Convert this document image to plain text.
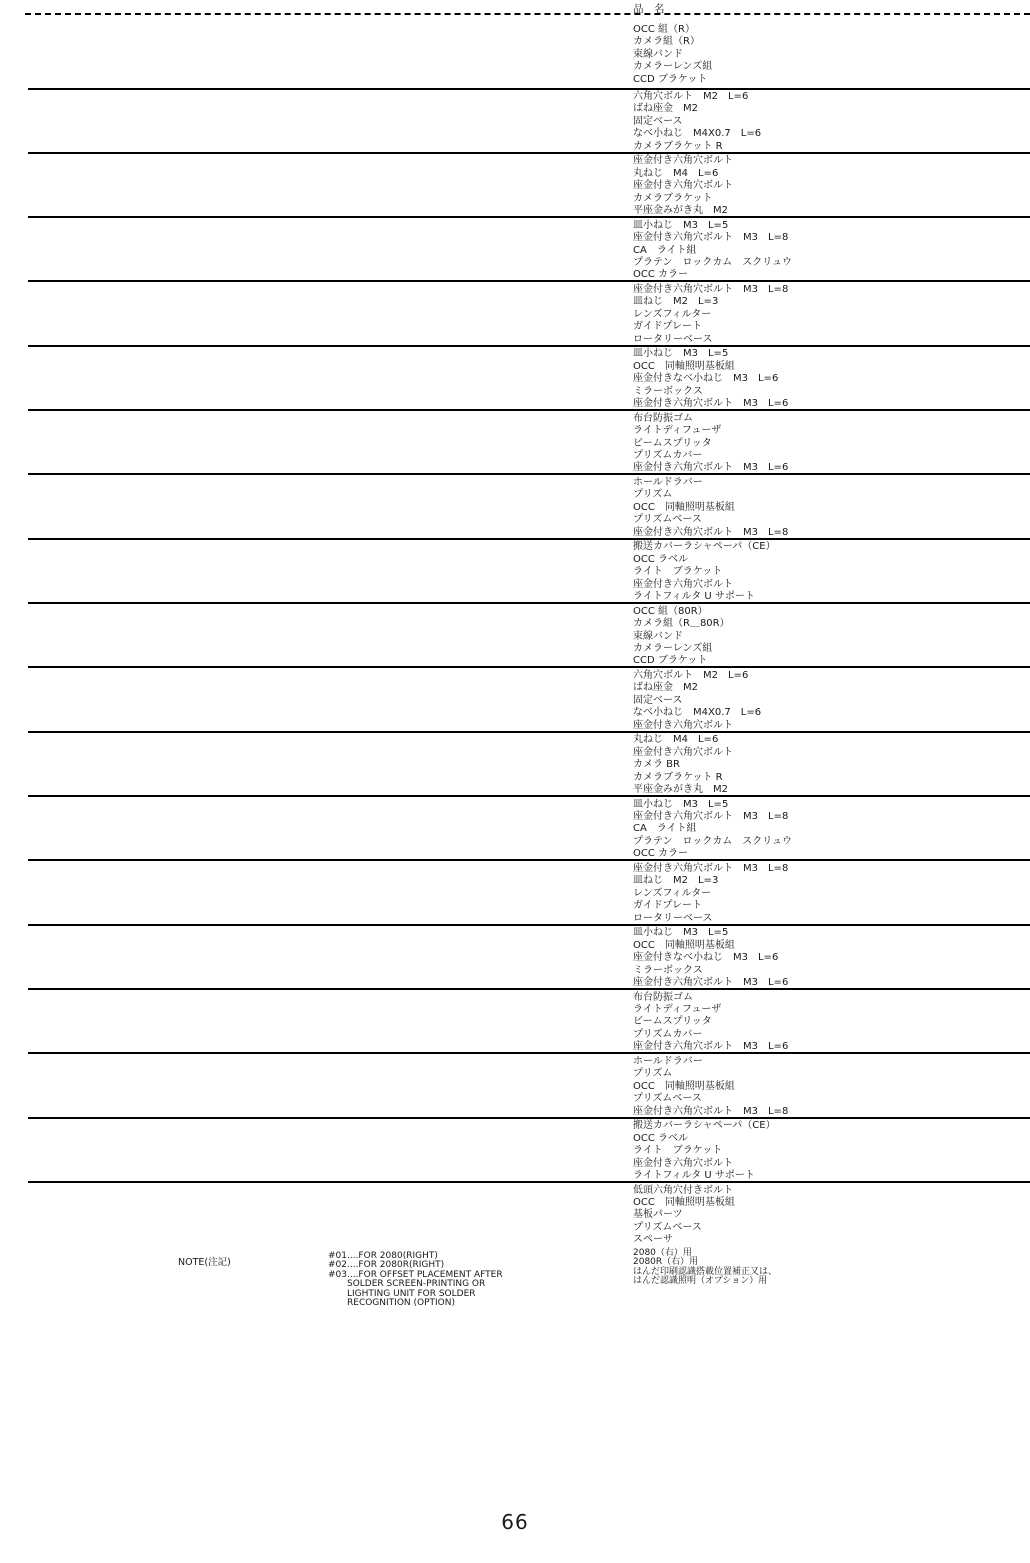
品　名
OCC 組（R）
カメラ組（R）
束線バンド
カメラーレンズ組
CCD ブラケット
六角穴ボルト　M2　L=6
ばね座金　M2
固定ベース
なべ小ねじ　M4X0.7　L=6
カメラブラケット R
座金付き六角穴ボルト
丸ねじ　M4　L=6
座金付き六角穴ボルト
カメラブラケット
平座金みがき丸　M2
皿小ねじ　M3　L=5
座金付き六角穴ボルト　M3　L=8
CA　ライト組
プラテン　ロックカム　スクリュウ
OCC カラー
座金付き六角穴ボルト　M3　L=8
皿ねじ　M2　L=3
レンズフィルター
ガイドプレート
ロータリーベース
皿小ねじ　M3　L=5
OCC　同軸照明基板組
座金付きなべ小ねじ　M3　L=6
ミラーボックス
座金付き六角穴ボルト　M3　L=6
布台防振ゴム
ライトディフューザ
ビームスプリッタ
プリズムカバー
座金付き六角穴ボルト　M3　L=6
ホールドラバー
プリズム
OCC　同軸照明基板組
プリズムベース
座金付き六角穴ボルト　M3　L=8
搬送カバーラシャペーパ（CE）
OCC ラベル
ライト　ブラケット
座金付き六角穴ボルト
ライトフィルタ U サポート
OCC 組（80R）
カメラ組（R＿80R）
束線バンド
カメラーレンズ組
CCD ブラケット
六角穴ボルト　M2　L=6
ばね座金　M2
固定ベース
なべ小ねじ　M4X0.7　L=6
座金付き六角穴ボルト
丸ねじ　M4　L=6
座金付き六角穴ボルト
カメラ BR
カメラブラケット R
平座金みがき丸　M2
皿小ねじ　M3　L=5
座金付き六角穴ボルト　M3　L=8
CA　ライト組
プラテン　ロックカム　スクリュウ
OCC カラー
座金付き六角穴ボルト　M3　L=8
皿ねじ　M2　L=3
レンズフィルター
ガイドプレート
ロータリーベース
皿小ねじ　M3　L=5
OCC　同軸照明基板組
座金付きなべ小ねじ　M3　L=6
ミラーボックス
座金付き六角穴ボルト　M3　L=6
布台防振ゴム
ライトディフューザ
ビームスプリッタ
プリズムカバー
座金付き六角穴ボルト　M3　L=6
ホールドラバー
プリズム
OCC　同軸照明基板組
プリズムベース
座金付き六角穴ボルト　M3　L=8
搬送カバーラシャペーパ（CE）
OCC ラベル
ライト　ブラケット
座金付き六角穴ボルト
ライトフィルタ U サポート
低頭六角穴付きボルト
OCC　同軸照明基板組
基板パーツ
プリズムベース
スペーサ
NOTE(注記)
#01....FOR 2080(RIGHT)
#02....FOR 2080R(RIGHT)
#03....FOR OFFSET PLACEMENT AFTER
SOLDER SCREEN-PRINTING OR
LIGHTING UNIT FOR SOLDER
RECOGNITION (OPTION)
2080（右）用
2080R（右）用
はんだ印刷認識搭載位置補正又は、
はんだ認識照明（オプション）用
66
